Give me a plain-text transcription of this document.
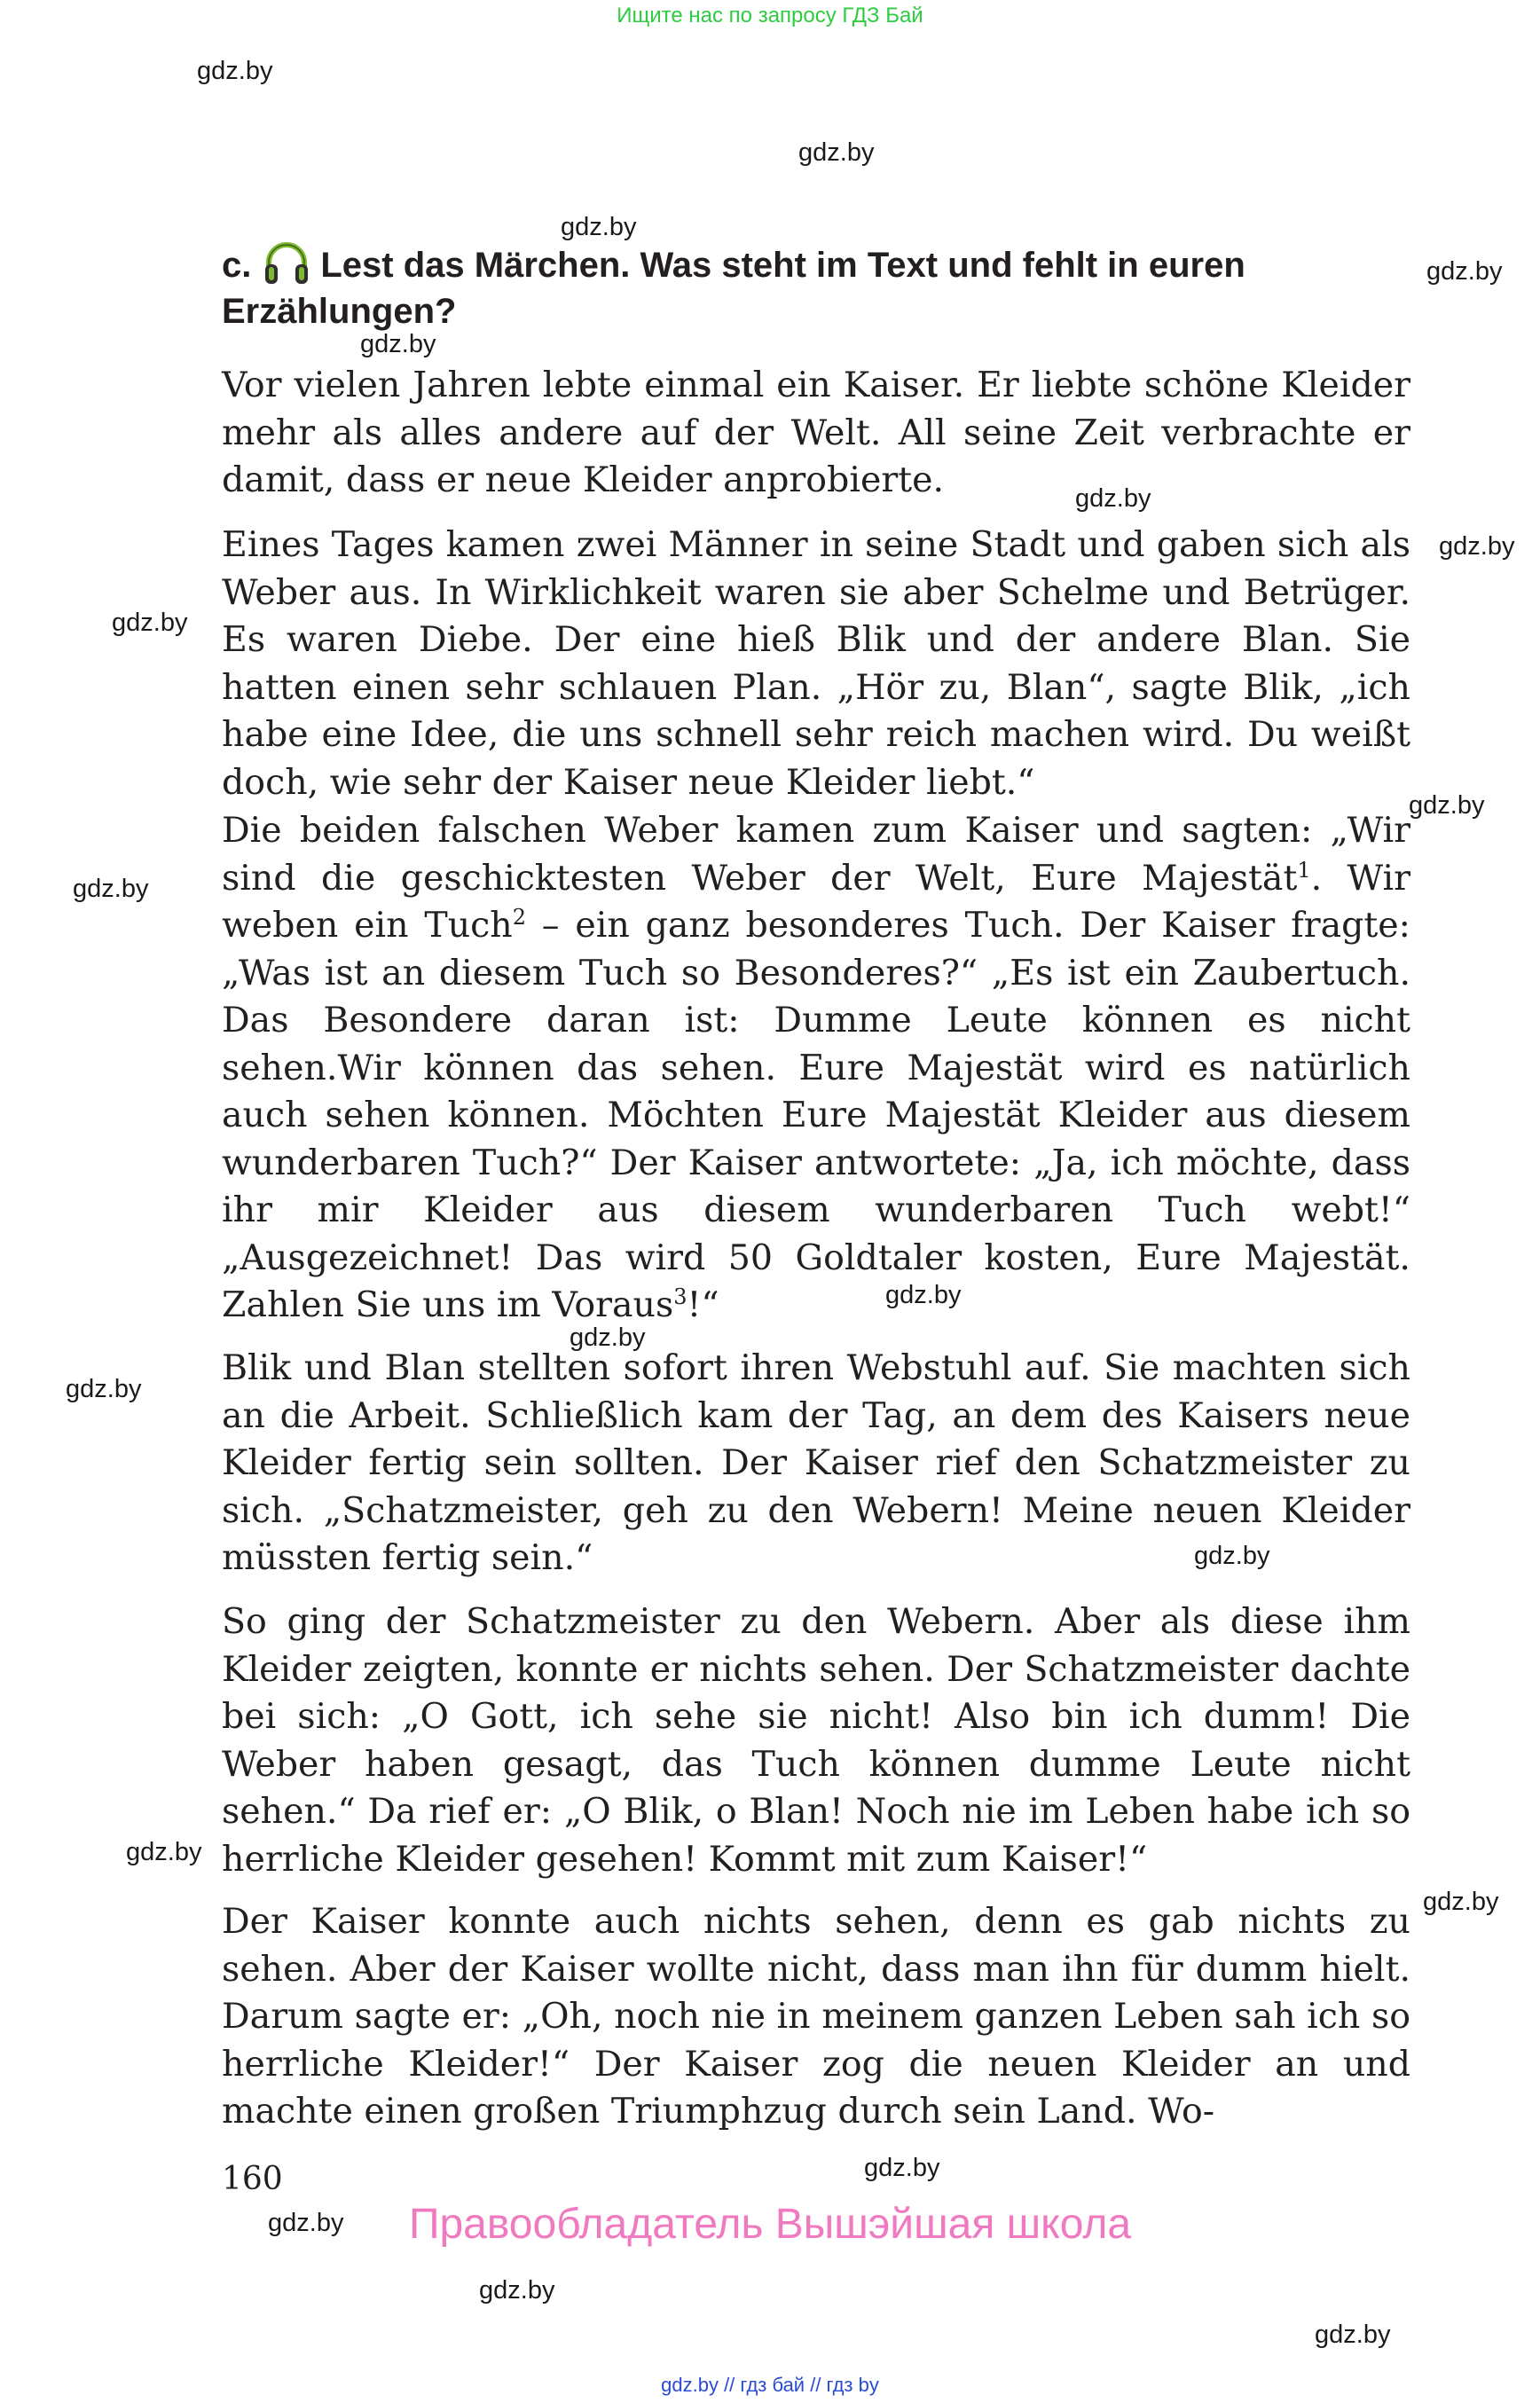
Ищите нас по запросу ГДЗ Бай
gdz.by
gdz.by
gdz.by
gdz.by
gdz.by
gdz.by
gdz.by
gdz.by
gdz.by
gdz.by
gdz.by
gdz.by
gdz.by
gdz.by
gdz.by
gdz.by
gdz.by
gdz.by
gdz.by
gdz.by
c. Lest das Märchen. Was steht im Text und fehlt in euren Erzählungen?

Vor vielen Jahren lebte einmal ein Kaiser. Er liebte schöne Kleider mehr als alles andere auf der Welt. All seine Zeit verbrachte er damit, dass er neue Kleider anprobierte.

Eines Tages kamen zwei Männer in seine Stadt und gaben sich als Weber aus. In Wirklichkeit waren sie aber Schelme und Betrüger. Es waren Diebe. Der eine hieß Blik und der andere Blan. Sie hatten einen sehr schlauen Plan. „Hör zu, Blan“, sagte Blik, „ich habe eine Idee, die uns schnell sehr reich machen wird. Du weißt doch, wie sehr der Kaiser neue Kleider liebt.“

Die beiden falschen Weber kamen zum Kaiser und sagten: „Wir sind die geschicktesten Weber der Welt, Eure Majestät$^1$. Wir weben ein Tuch$^2$ – ein ganz besonderes Tuch. Der Kaiser fragte: „Was ist an diesem Tuch so Besonderes?“ „Es ist ein Zaubertuch. Das Besondere daran ist: Dumme Leute können es nicht sehen.Wir können das sehen. Eure Majestät wird es natürlich auch sehen können. Möchten Eure Majestät Kleider aus diesem wunderbaren Tuch?“ Der Kaiser antwortete: „Ja, ich möchte, dass ihr mir Kleider aus diesem wunderbaren Tuch webt!“ „Ausgezeichnet! Das wird 50 Goldtaler kosten, Eure Majestät. Zahlen Sie uns im Voraus$^3$!“

Blik und Blan stellten sofort ihren Webstuhl auf. Sie machten sich an die Arbeit. Schließlich kam der Tag, an dem des Kaisers neue Kleider fertig sein sollten. Der Kaiser rief den Schatzmeister zu sich. „Schatzmeister, geh zu den Webern! Meine neuen Kleider müssten fertig sein.“

So ging der Schatzmeister zu den Webern. Aber als diese ihm Kleider zeigten, konnte er nichts sehen. Der Schatzmeister dachte bei sich: „O Gott, ich sehe sie nicht! Also bin ich dumm! Die Weber haben gesagt, das Tuch können dumme Leute nicht sehen.“ Da rief er: „O Blik, o Blan! Noch nie im Leben habe ich so herrliche Kleider gesehen! Kommt mit zum Kaiser!“

Der Kaiser konnte auch nichts sehen, denn es gab nichts zu sehen. Aber der Kaiser wollte nicht, dass man ihn für dumm hielt. Darum sagte er: „Oh, noch nie in meinem ganzen Leben sah ich so herrliche Kleider!“ Der Kaiser zog die neuen Kleider an und machte einen großen Triumphzug durch sein Land. Wo-

160
Правообладатель Вышэйшая школа
gdz.by // гдз бай // гдз by
